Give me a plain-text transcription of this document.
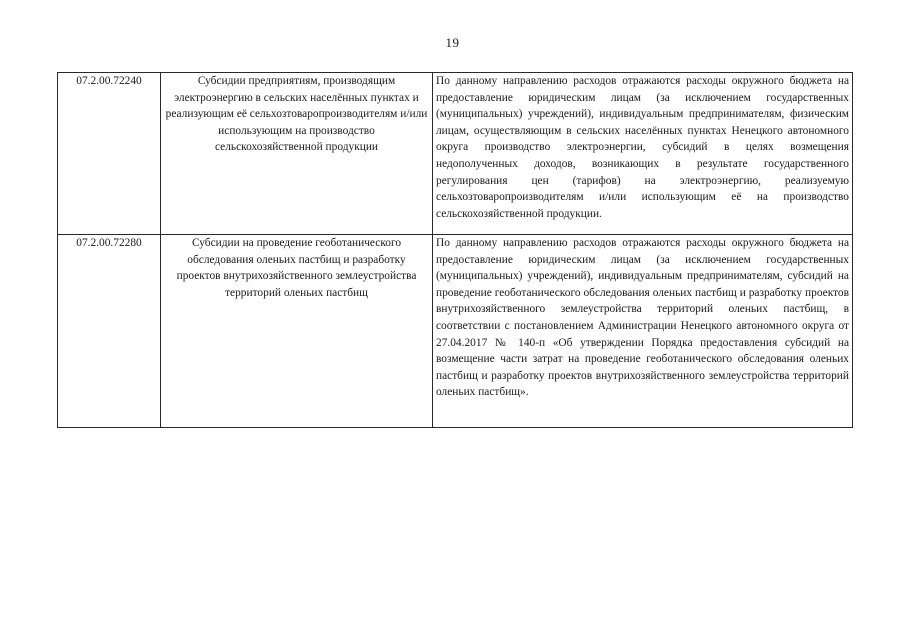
19
07.2.00.72240	Субсидии предприятиям, производящим электроэнергию в сельских населённых пунктах и реализующим её сельхозтоваропроизводителям и/или использующим на производство сельскохозяйственной продукции	По данному направлению расходов отражаются расходы окружного бюджета на предоставление юридическим лицам (за исключением государственных (муниципальных) учреждений), индивидуальным предпринимателям, физическим лицам, осуществляющим в сельских населённых пунктах Ненецкого автономного округа производство электроэнергии, субсидий в целях возмещения недополученных доходов, возникающих в результате государственного регулирования цен (тарифов) на электроэнергию, реализуемую сельхозтоваропроизводителям и/или использующим её на производство сельскохозяйственной продукции.
07.2.00.72280	Субсидии на проведение геоботанического обследования оленьих пастбищ и разработку проектов внутрихозяйственного землеустройства территорий оленьих пастбищ	По данному направлению расходов отражаются расходы окружного бюджета на предоставление юридическим лицам (за исключением государственных (муниципальных) учреждений), индивидуальным предпринимателям, субсидий на проведение геоботанического обследования оленьих пастбищ и разработку проектов внутрихозяйственного землеустройства территорий оленьих пастбищ, в соответствии с постановлением Администрации Ненецкого автономного округа от 27.04.2017 № 140-п «Об утверждении Порядка предоставления субсидий на возмещение части затрат на проведение геоботанического обследования оленьих пастбищ и разработку проектов внутрихозяйственного землеустройства территорий оленьих пастбищ».
